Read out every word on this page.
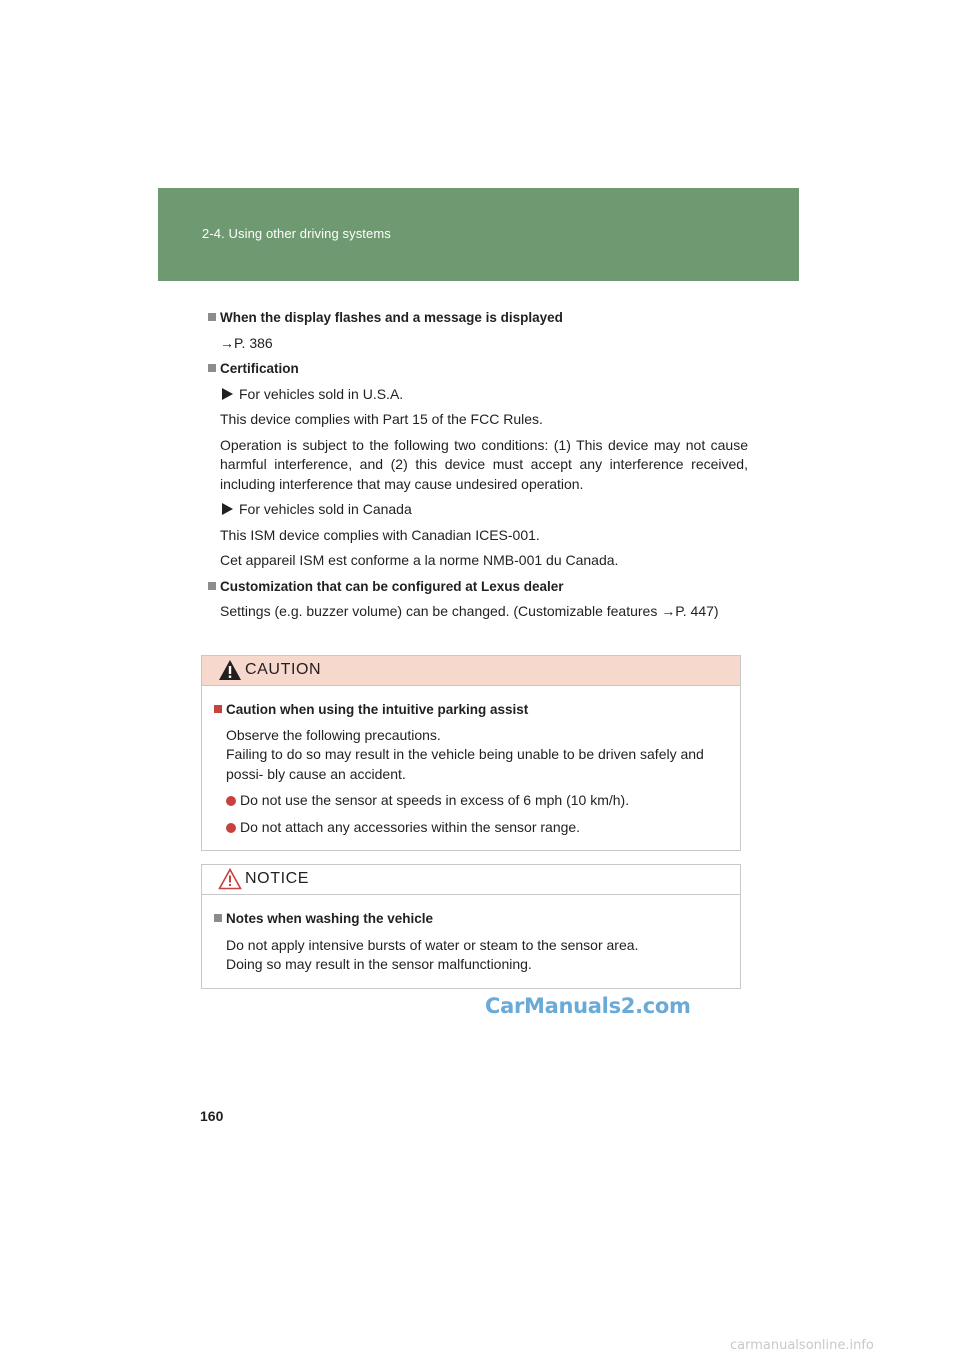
2-4. Using other driving systems

When the display flashes and a message is displayed

→P. 386

Certification

For vehicles sold in U.S.A.

This device complies with Part 15 of the FCC Rules.

Operation is subject to the following two conditions: (1) This device may not cause harmful interference, and (2) this device must accept any interference received, including interference that may cause undesired operation.

For vehicles sold in Canada

This ISM device complies with Canadian ICES-001.

Cet appareil ISM est conforme a la norme NMB-001 du Canada.

Customization that can be configured at Lexus dealer

Settings (e.g. buzzer volume) can be changed. (Customizable features →P. 447)

CAUTION

Caution when using the intuitive parking assist

Observe the following precautions.

Failing to do so may result in the vehicle being unable to be driven safely and possi- bly cause an accident.

Do not use the sensor at speeds in excess of 6 mph (10 km/h).

Do not attach any accessories within the sensor range.

NOTICE

Notes when washing the vehicle

Do not apply intensive bursts of water or steam to the sensor area.

Doing so may result in the sensor malfunctioning.

CarManuals2.com
160
carmanualsonline.info
